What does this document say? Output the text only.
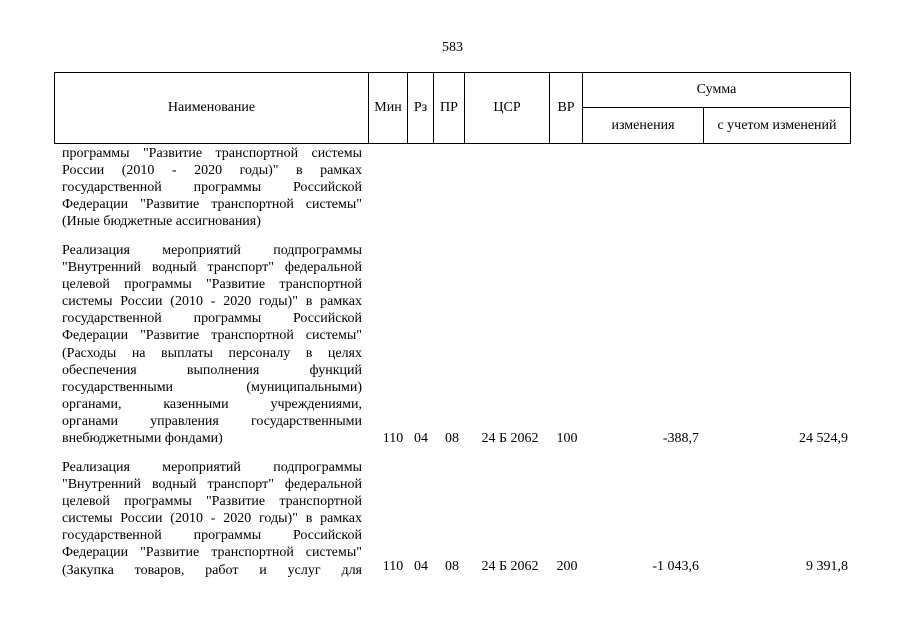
583
Наименование	Мин Рз ПР	ЦСР	ВР
Сумма
изменения	с учетом изменений
программы "Развитие транспортной системы
России (2010 - 2020 годы)" в рамках
государственной программы Российской
Федерации "Развитие транспортной системы"
(Иные бюджетные ассигнования)
Реализация мероприятий подпрограммы
"Внутренний водный транспорт" федеральной
целевой программы "Развитие транспортной
системы России (2010 - 2020 годы)" в рамках
государственной программы Российской
Федерации "Развитие транспортной системы"
(Расходы на выплаты персоналу в целях
обеспечения выполнения функций
государственными (муниципальными)
органами, казенными учреждениями,
органами управления государственными
внебюджетными фондами)	110 04	08	24 Б 2062	100	-388,7	24 524,9
Реализация мероприятий подпрограммы
"Внутренний водный транспорт" федеральной
целевой программы "Развитие транспортной
системы России (2010 - 2020 годы)" в рамках
государственной программы Российской
Федерации "Развитие транспортной системы"
(Закупка товаров, работ и услуг для 110 04	08	24 Б 2062	200	-1 043,6	9 391,8
